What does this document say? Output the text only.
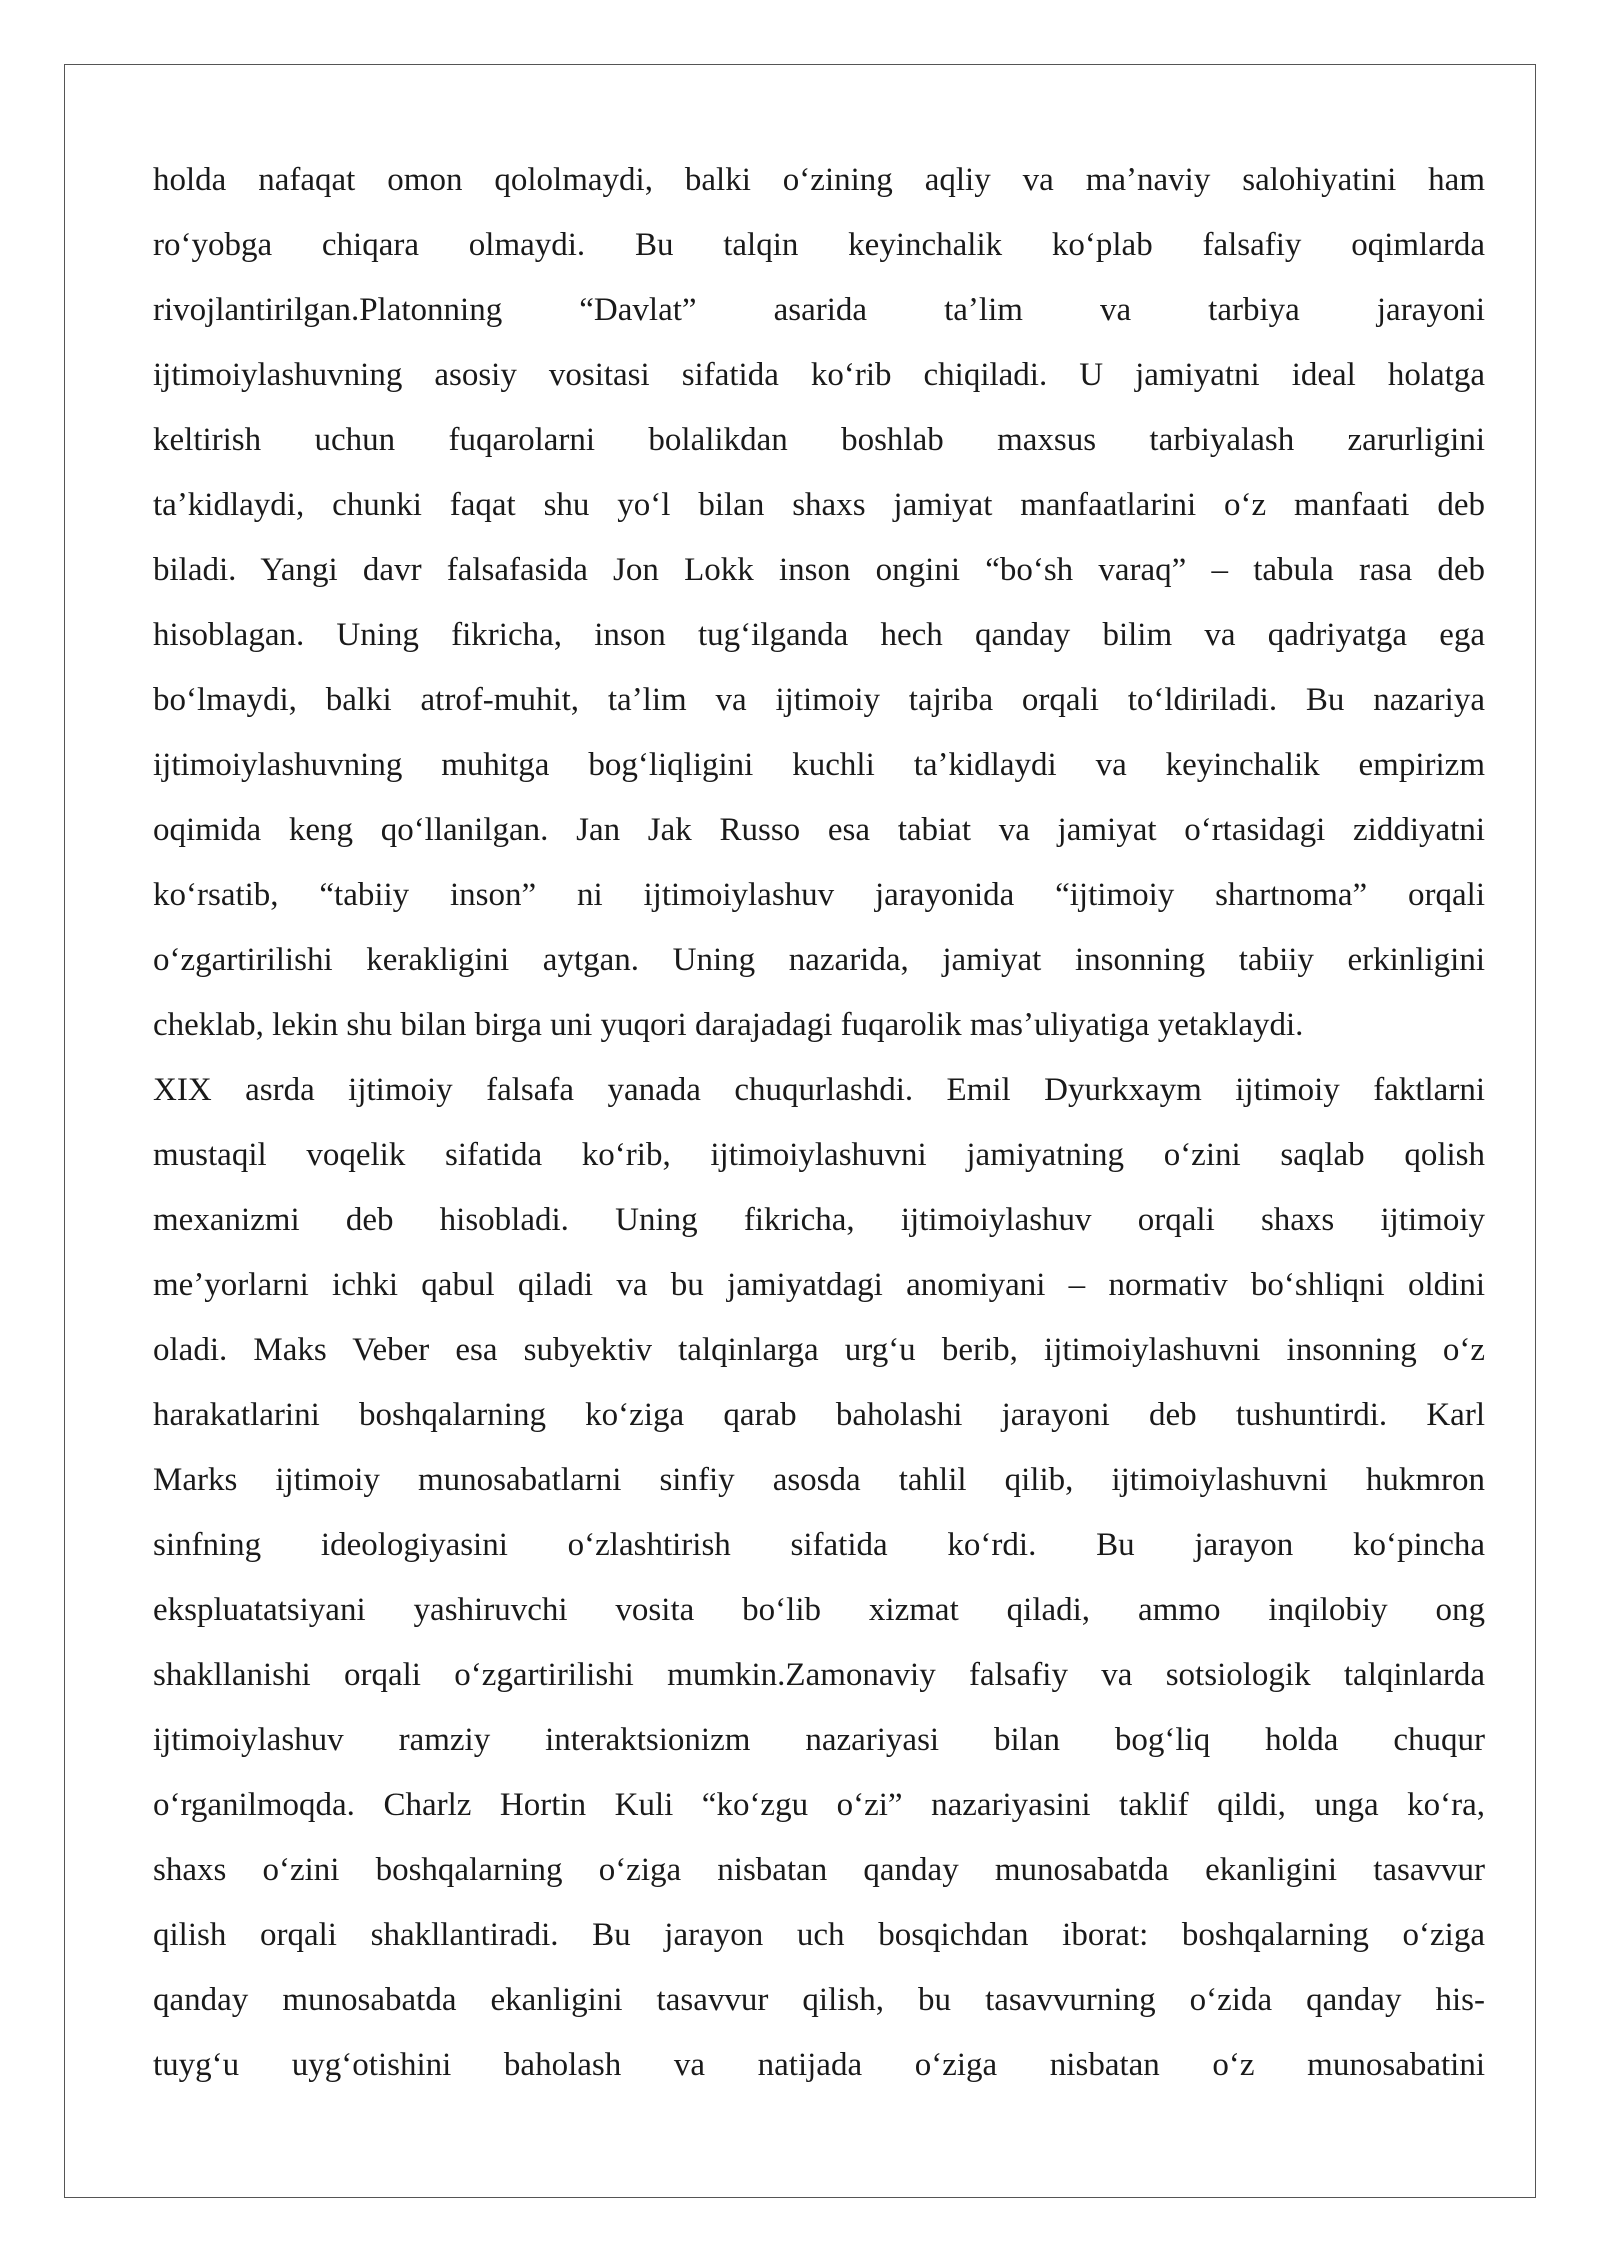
holda nafaqat omon qololmaydi, balki oʻzining aqliy va maʼnaviy salohiyatini ham
roʻyobga chiqara olmaydi. Bu talqin keyinchalik koʻplab falsafiy oqimlarda
rivojlantirilgan.Platonning “Davlat” asarida taʼlim va tarbiya jarayoni
ijtimoiylashuvning asosiy vositasi sifatida koʻrib chiqiladi. U jamiyatni ideal holatga
keltirish uchun fuqarolarni bolalikdan boshlab maxsus tarbiyalash zarurligini
taʼkidlaydi, chunki faqat shu yoʻl bilan shaxs jamiyat manfaatlarini oʻz manfaati deb
biladi. Yangi davr falsafasida Jon Lokk inson ongini “boʻsh varaq” – tabula rasa deb
hisoblagan. Uning fikricha, inson tugʻilganda hech qanday bilim va qadriyatga ega
boʻlmaydi, balki atrof-muhit, taʼlim va ijtimoiy tajriba orqali toʻldiriladi. Bu nazariya
ijtimoiylashuvning muhitga bogʻliqligini kuchli taʼkidlaydi va keyinchalik empirizm
oqimida keng qoʻllanilgan. Jan Jak Russo esa tabiat va jamiyat oʻrtasidagi ziddiyatni
koʻrsatib, “tabiiy inson” ni ijtimoiylashuv jarayonida “ijtimoiy shartnoma” orqali
oʻzgartirilishi kerakligini aytgan. Uning nazarida, jamiyat insonning tabiiy erkinligini
cheklab, lekin shu bilan birga uni yuqori darajadagi fuqarolik masʼuliyatiga yetaklaydi.
XIX asrda ijtimoiy falsafa yanada chuqurlashdi. Emil Dyurkxaym ijtimoiy faktlarni
mustaqil voqelik sifatida koʻrib, ijtimoiylashuvni jamiyatning oʻzini saqlab qolish
mexanizmi deb hisobladi. Uning fikricha, ijtimoiylashuv orqali shaxs ijtimoiy
meʼyorlarni ichki qabul qiladi va bu jamiyatdagi anomiyani – normativ boʻshliqni oldini
oladi. Maks Veber esa subyektiv talqinlarga urgʻu berib, ijtimoiylashuvni insonning oʻz
harakatlarini boshqalarning koʻziga qarab baholashi jarayoni deb tushuntirdi. Karl
Marks ijtimoiy munosabatlarni sinfiy asosda tahlil qilib, ijtimoiylashuvni hukmron
sinfning ideologiyasini oʻzlashtirish sifatida koʻrdi. Bu jarayon koʻpincha
ekspluatatsiyani yashiruvchi vosita boʻlib xizmat qiladi, ammo inqilobiy ong
shakllanishi orqali oʻzgartirilishi mumkin.Zamonaviy falsafiy va sotsiologik talqinlarda
ijtimoiylashuv ramziy interaktsionizm nazariyasi bilan bogʻliq holda chuqur
oʻrganilmoqda. Charlz Hortin Kuli “koʻzgu oʻzi” nazariyasini taklif qildi, unga koʻra,
shaxs oʻzini boshqalarning oʻziga nisbatan qanday munosabatda ekanligini tasavvur
qilish orqali shakllantiradi. Bu jarayon uch bosqichdan iborat: boshqalarning oʻziga
qanday munosabatda ekanligini tasavvur qilish, bu tasavvurning oʻzida qanday his-
tuygʻu uygʻotishini baholash va natijada oʻziga nisbatan oʻz munosabatini
